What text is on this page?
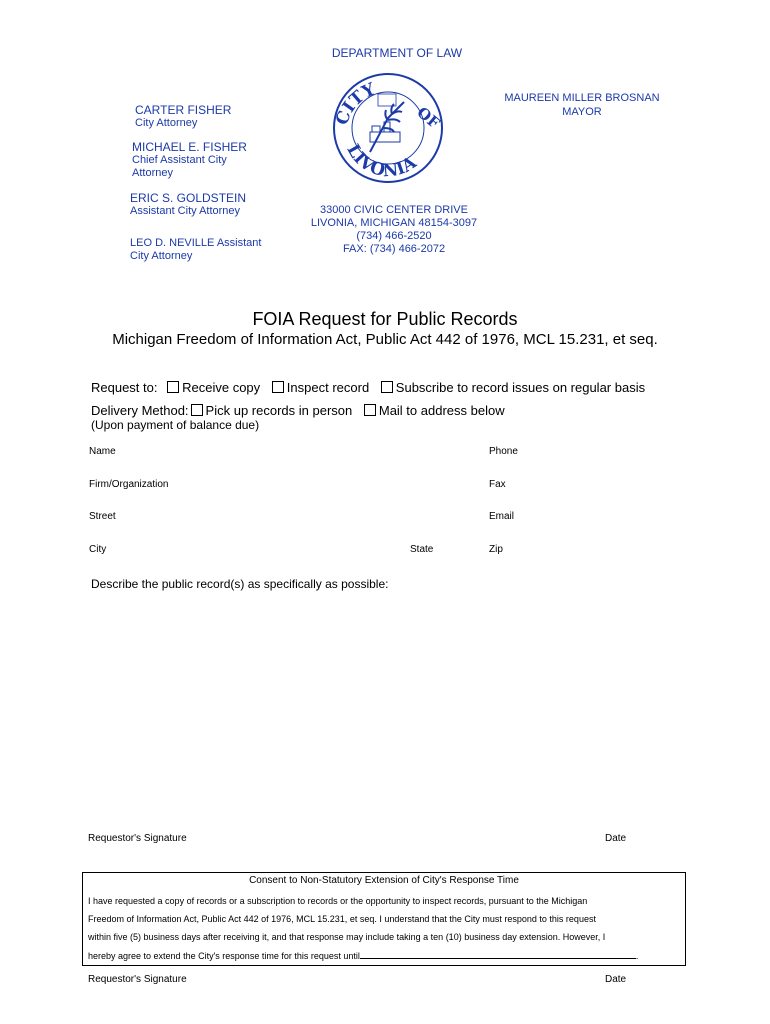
DEPARTMENT OF LAW
CARTER FISHER
City Attorney
MICHAEL E. FISHER
Chief Assistant City
Attorney
ERIC S. GOLDSTEIN
Assistant City Attorney
LEO D. NEVILLE Assistant
City Attorney
CITY
OF
LIVONIA
MAUREEN MILLER BROSNAN
MAYOR
33000 CIVIC CENTER DRIVE
LIVONIA, MICHIGAN 48154-3097
(734) 466-2520
FAX: (734) 466-2072
FOIA Request for Public Records
Michigan Freedom of Information Act, Public Act 442 of 1976, MCL 15.231, et seq.
Request to: Receive copy Inspect record Subscribe to record issues on regular basis
Delivery Method: Pick up records in person Mail to address below
(Upon payment of balance due)
Name	Phone
Firm/Organization	Fax
Street	Email
City	State	Zip
Describe the public record(s) as specifically as possible:
Requestor's Signature	Date
Consent to Non-Statutory Extension of City's Response Time
I have requested a copy of records or a subscription to records or the opportunity to inspect records, pursuant to the Michigan
Freedom of Information Act, Public Act 442 of 1976, MCL 15.231, et seq. I understand that the City must respond to this request
within five (5) business days after receiving it, and that response may include taking a ten (10) business day extension. However, I
hereby agree to extend the City's response time for this request until	.
Requestor's Signature	Date
